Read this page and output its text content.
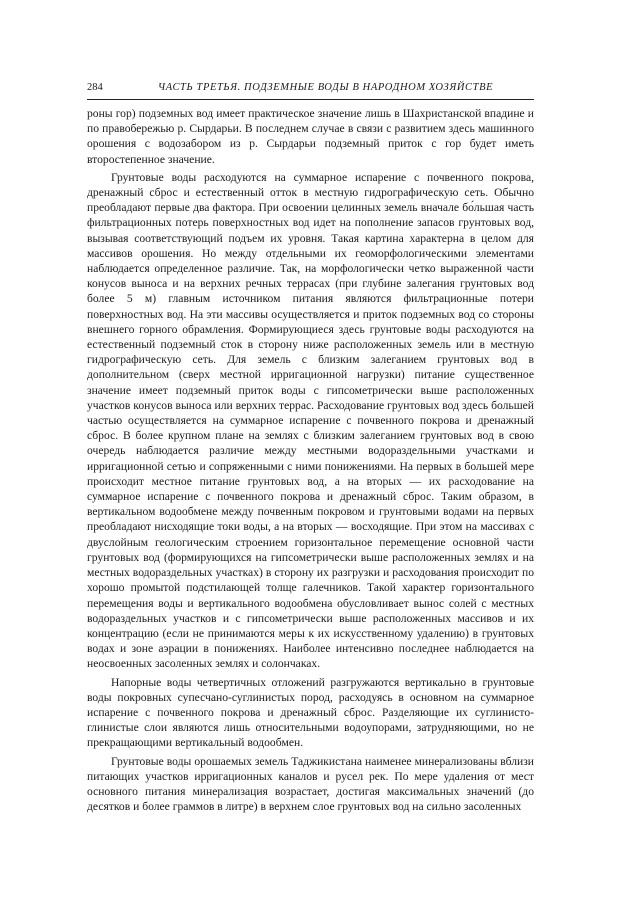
284	ЧАСТЬ ТРЕТЬЯ. ПОДЗЕМНЫЕ ВОДЫ В НАРОДНОМ ХОЗЯЙСТВЕ

роны гор) подземных вод имеет практическое значение лишь в Шахристанской впадине и по правобережью р. Сырдарьи. В последнем случае в связи с развитием здесь машинного орошения с водозабором из р. Сырдарьи подземный приток с гор будет иметь второстепенное значение.

Грунтовые воды расходуются на суммарное испарение с почвенного покрова, дренажный сброс и естественный отток в местную гидрографическую сеть. Обычно преобладают первые два фактора. При освоении целинных земель вначале бо́льшая часть фильтрационных потерь поверхностных вод идет на пополнение запасов грунтовых вод, вызывая соответствующий подъем их уровня. Такая картина характерна в целом для массивов орошения. Но между отдельными их геоморфологическими элементами наблюдается определенное различие. Так, на морфологически четко выраженной части конусов выноса и на верхних речных террасах (при глубине залегания грунтовых вод более 5 м) главным источником питания являются фильтрационные потери поверхностных вод. На эти массивы осуществляется и приток подземных вод со стороны внешнего горного обрамления. Формирующиеся здесь грунтовые воды расходуются на естественный подземный сток в сторону ниже расположенных земель или в местную гидрографическую сеть. Для земель с близким залеганием грунтовых вод в дополнительном (сверх местной ирригационной нагрузки) питание существенное значение имеет подземный приток воды с гипсометрически выше расположенных участков конусов выноса или верхних террас. Расходование грунтовых вод здесь большей частью осуществляется на суммарное испарение с почвенного покрова и дренажный сброс. В более крупном плане на землях с близким залеганием грунтовых вод в свою очередь наблюдается различие между местными водораздельными участками и ирригационной сетью и сопряженными с ними понижениями. На первых в большей мере происходит местное питание грунтовых вод, а на вторых — их расходование на суммарное испарение с почвенного покрова и дренажный сброс. Таким образом, в вертикальном водообмене между почвенным покровом и грунтовыми водами на первых преобладают нисходящие токи воды, а на вторых — восходящие. При этом на массивах с двуслойным геологическим строением горизонтальное перемещение основной части грунтовых вод (формирующихся на гипсометрически выше расположенных землях и на местных водораздельных участках) в сторону их разгрузки и расходования происходит по хорошо промытой подстилающей толще галечников. Такой характер горизонтального перемещения воды и вертикального водообмена обусловливает вынос солей с местных водораздельных участков и с гипсометрически выше расположенных массивов и их концентрацию (если не принимаются меры к их искусственному удалению) в грунтовых водах и зоне аэрации в понижениях. Наиболее интенсивно последнее наблюдается на неосвоенных засоленных землях и солончаках.

Напорные воды четвертичных отложений разгружаются вертикально в грунтовые воды покровных супесчано-суглинистых пород, расходуясь в основном на суммарное испарение с почвенного покрова и дренажный сброс. Разделяющие их суглинисто-глинистые слои являются лишь относительными водоупорами, затрудняющими, но не прекращающими вертикальный водообмен.

Грунтовые воды орошаемых земель Таджикистана наименее минерализованы вблизи питающих участков ирригационных каналов и русел рек. По мере удаления от мест основного питания минерализация возрастает, достигая максимальных значений (до десятков и более граммов в литре) в верхнем слое грунтовых вод на сильно засоленных
